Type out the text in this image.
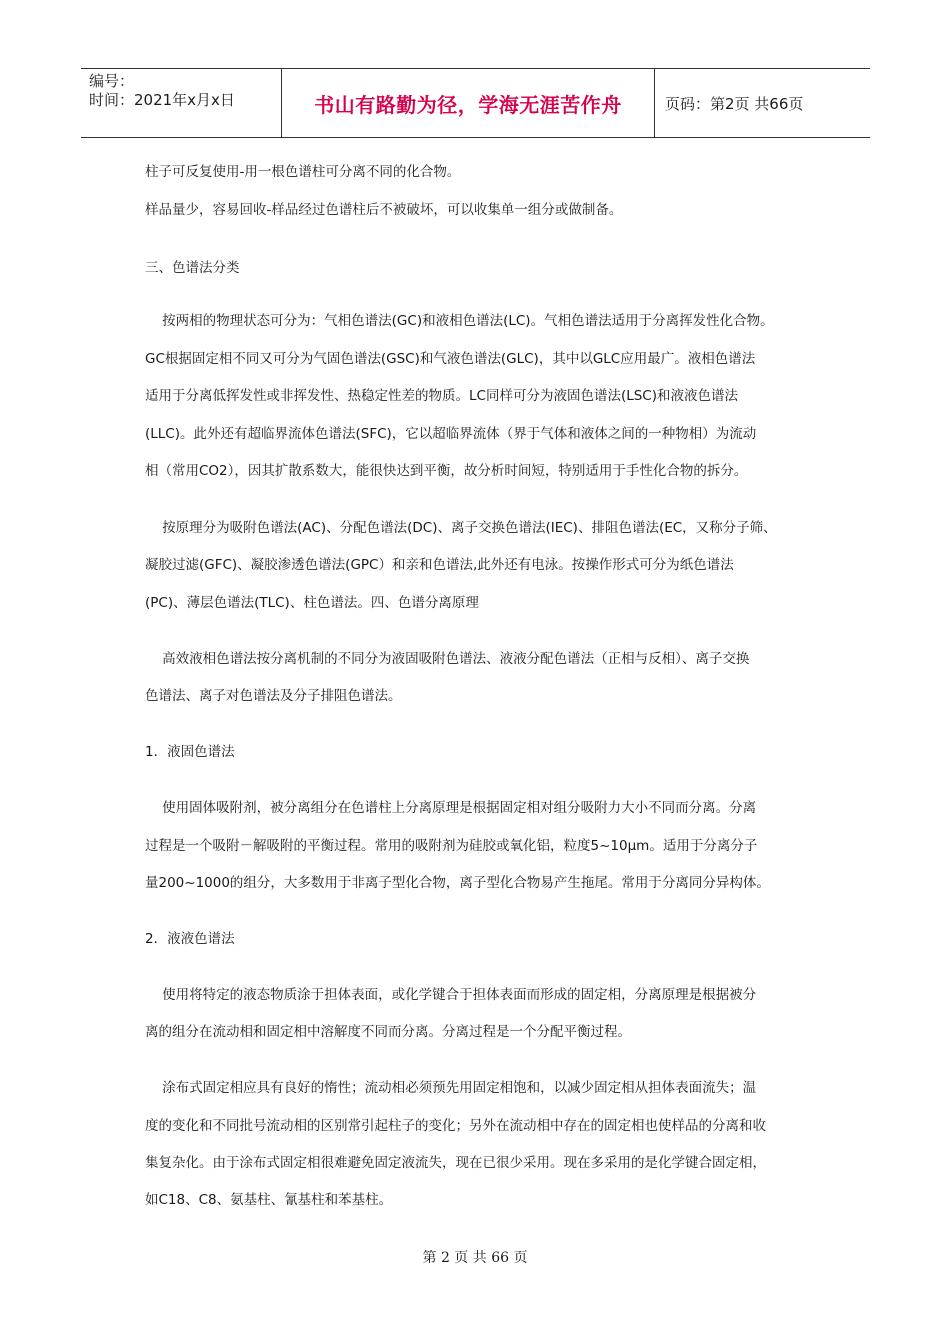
编号：
时间：2021年x月x日	书山有路勤为径，学海无涯苦作舟	页码：第2页 共66页
柱子可反复使用-用一根色谱柱可分离不同的化合物。
样品量少，容易回收-样品经过色谱柱后不被破坏，可以收集单一组分或做制备。
三、色谱法分类
按两相的物理状态可分为：气相色谱法(GC)和液相色谱法(LC)。气相色谱法适用于分离挥发性化合物。
GC根据固定相不同又可分为气固色谱法(GSC)和气液色谱法(GLC)，其中以GLC应用最广。液相色谱法
适用于分离低挥发性或非挥发性、热稳定性差的物质。LC同样可分为液固色谱法(LSC)和液液色谱法
(LLC)。此外还有超临界流体色谱法(SFC)，它以超临界流体（界于气体和液体之间的一种物相）为流动
相（常用CO2），因其扩散系数大，能很快达到平衡，故分析时间短，特别适用于手性化合物的拆分。
按原理分为吸附色谱法(AC)、分配色谱法(DC)、离子交换色谱法(IEC)、排阻色谱法(EC，又称分子筛、
凝胶过滤(GFC)、凝胶渗透色谱法(GPC）和亲和色谱法,此外还有电泳。按操作形式可分为纸色谱法
(PC)、薄层色谱法(TLC)、柱色谱法。四、色谱分离原理
高效液相色谱法按分离机制的不同分为液固吸附色谱法、液液分配色谱法（正相与反相）、离子交换
色谱法、离子对色谱法及分子排阻色谱法。
1．液固色谱法
使用固体吸附剂，被分离组分在色谱柱上分离原理是根据固定相对组分吸附力大小不同而分离。分离
过程是一个吸附－解吸附的平衡过程。常用的吸附剂为硅胶或氧化铝，粒度5~10μm。适用于分离分子
量200~1000的组分，大多数用于非离子型化合物，离子型化合物易产生拖尾。常用于分离同分异构体。
2．液液色谱法
使用将特定的液态物质涂于担体表面，或化学键合于担体表面而形成的固定相，分离原理是根据被分
离的组分在流动相和固定相中溶解度不同而分离。分离过程是一个分配平衡过程。
涂布式固定相应具有良好的惰性；流动相必须预先用固定相饱和，以减少固定相从担体表面流失；温
度的变化和不同批号流动相的区别常引起柱子的变化；另外在流动相中存在的固定相也使样品的分离和收
集复杂化。由于涂布式固定相很难避免固定液流失，现在已很少采用。现在多采用的是化学键合固定相，
如C18、C8、氨基柱、氰基柱和苯基柱。
第 2 页 共 66 页
